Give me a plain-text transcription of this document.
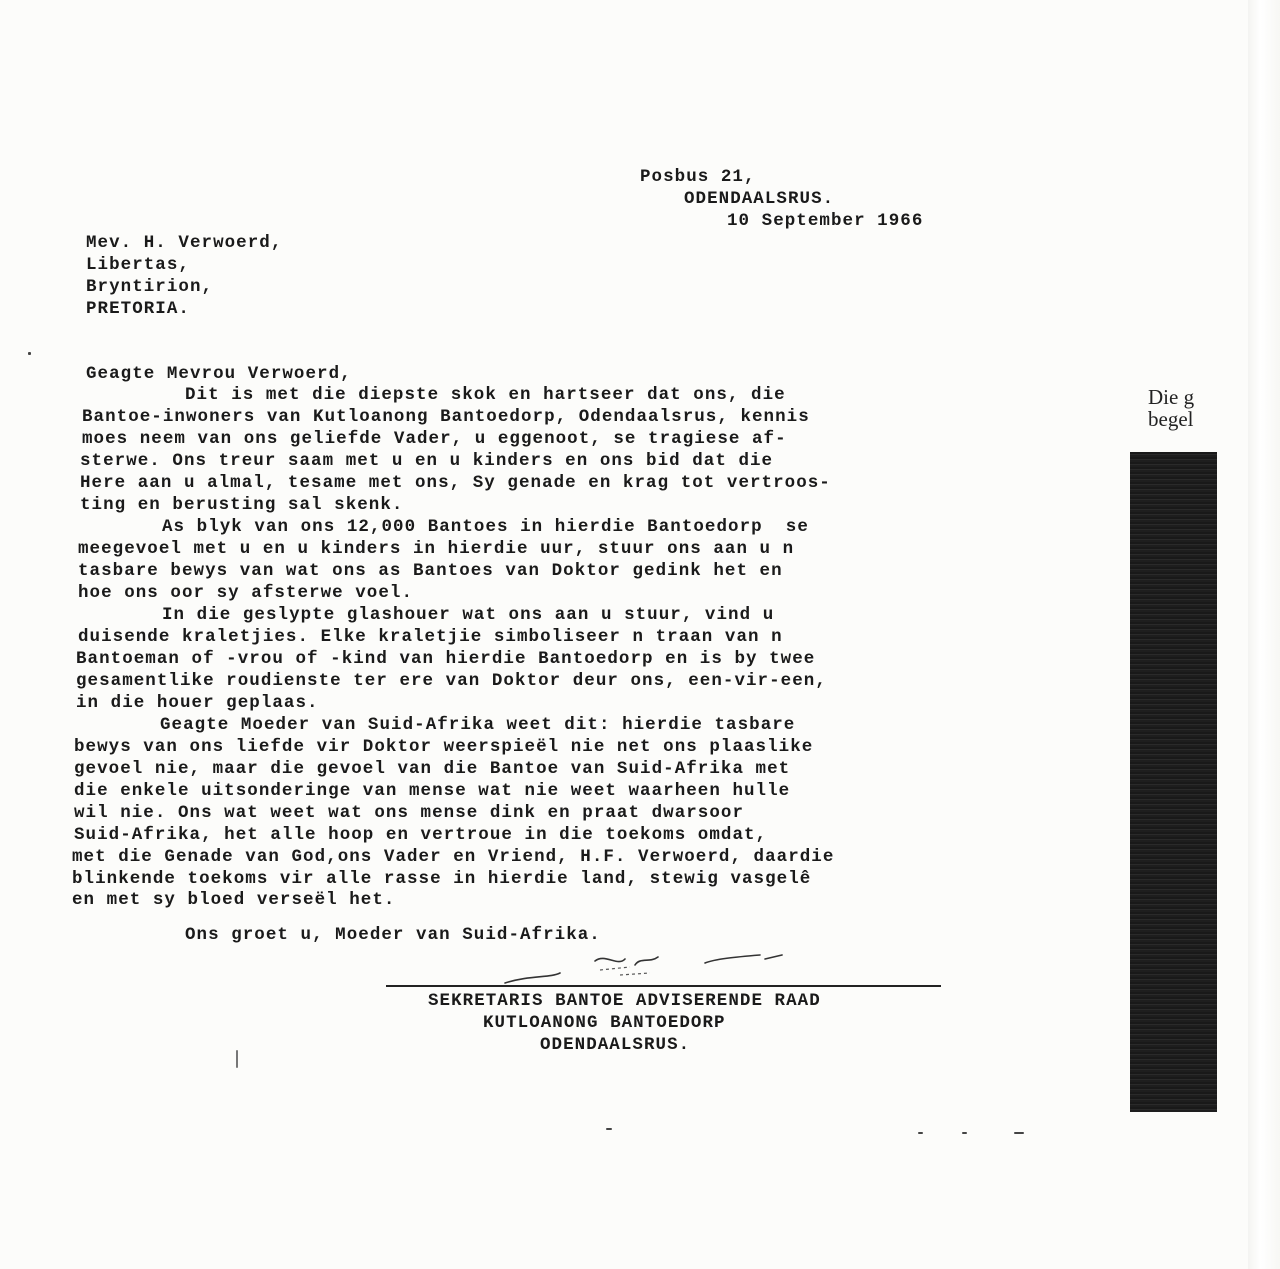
Posbus 21,

ODENDAALSRUS.

10 September 1966

Mev. H. Verwoerd,

Libertas,

Bryntirion,

PRETORIA.

Geagte Mevrou Verwoerd,

Dit is met die diepste skok en hartseer dat ons, die

Bantoe-inwoners van Kutloanong Bantoedorp, Odendaalsrus, kennis

moes neem van ons geliefde Vader, u eggenoot, se tragiese af-

sterwe. Ons treur saam met u en u kinders en ons bid dat die

Here aan u almal, tesame met ons, Sy genade en krag tot vertroos-

ting en berusting sal skenk.

As blyk van ons 12,000 Bantoes in hierdie Bantoedorp  se

meegevoel met u en u kinders in hierdie uur, stuur ons aan u n

tasbare bewys van wat ons as Bantoes van Doktor gedink het en

hoe ons oor sy afsterwe voel.

In die geslypte glashouer wat ons aan u stuur, vind u

duisende kraletjies. Elke kraletjie simboliseer n traan van n

Bantoeman of -vrou of -kind van hierdie Bantoedorp en is by twee

gesamentlike roudienste ter ere van Doktor deur ons, een-vir-een,

in die houer geplaas.

Geagte Moeder van Suid-Afrika weet dit: hierdie tasbare

bewys van ons liefde vir Doktor weerspieël nie net ons plaaslike

gevoel nie, maar die gevoel van die Bantoe van Suid-Afrika met

die enkele uitsonderinge van mense wat nie weet waarheen hulle

wil nie. Ons wat weet wat ons mense dink en praat dwarsoor

Suid-Afrika, het alle hoop en vertroue in die toekoms omdat,

met die Genade van God,ons Vader en Vriend, H.F. Verwoerd, daardie

blinkende toekoms vir alle rasse in hierdie land, stewig vasgelê

en met sy bloed verseël het.

Ons groet u, Moeder van Suid-Afrika.

SEKRETARIS BANTOE ADVISERENDE RAAD

KUTLOANONG BANTOEDORP

ODENDAALSRUS.

Die g

begel
